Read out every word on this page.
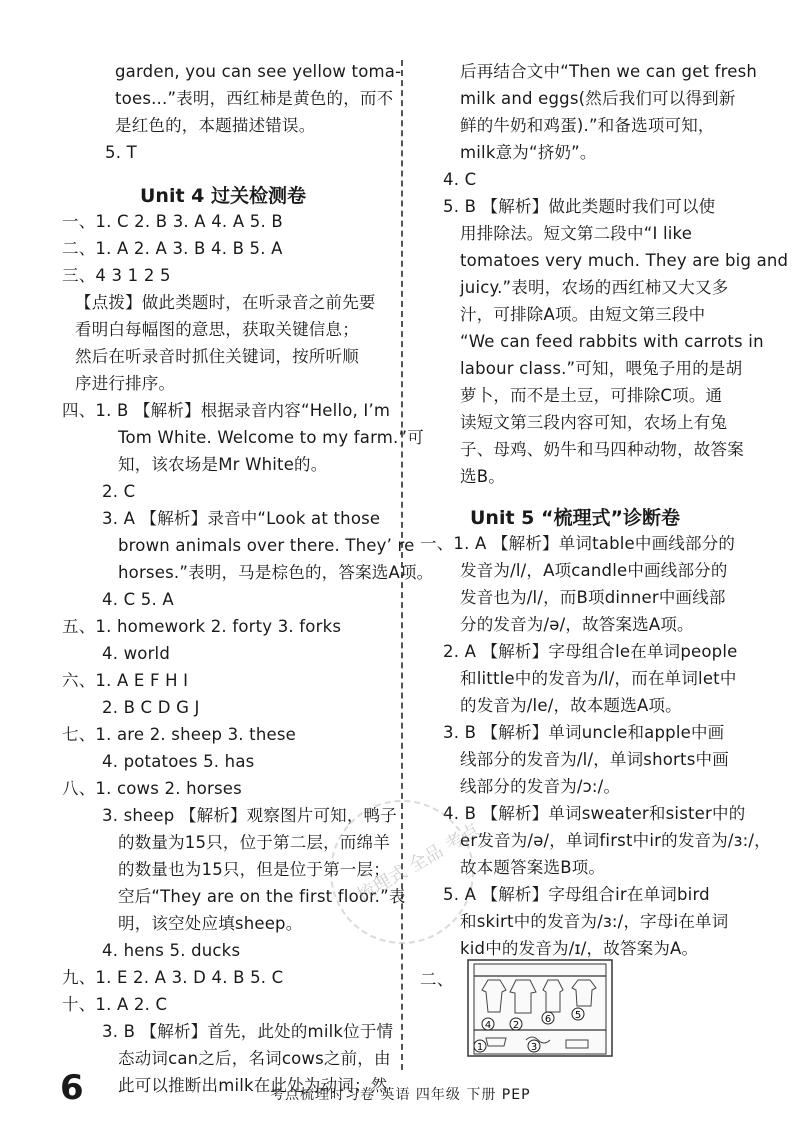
garden, you can see yellow toma-
toes...”表明，西红柿是黄色的，而不
是红色的，本题描述错误。
5. T
Unit 4 过关检测卷
一、1. C 2. B 3. A 4. A 5. B
二、1. A 2. A 3. B 4. B 5. A
三、4 3 1 2 5
【点拨】做此类题时，在听录音之前先要
看明白每幅图的意思，获取关键信息；
然后在听录音时抓住关键词，按所听顺
序进行排序。
四、1. B 【解析】根据录音内容“Hello, I’m
Tom White. Welcome to my farm.”可
知，该农场是Mr White的。
2. C
3. A 【解析】录音中“Look at those
brown animals over there. They’ re
horses.”表明，马是棕色的，答案选A项。
4. C 5. A
五、1. homework 2. forty 3. forks
4. world
六、1. A E F H I
2. B C D G J
七、1. are 2. sheep 3. these
4. potatoes 5. has
八、1. cows 2. horses
3. sheep 【解析】观察图片可知，鸭子
的数量为15只，位于第二层，而绵羊
的数量也为15只，但是位于第一层；
空后“They are on the first floor.”表
明，该空处应填sheep。
4. hens 5. ducks
九、1. E 2. A 3. D 4. B 5. C
十、1. A 2. C
3. B 【解析】首先，此处的milk位于情
态动词can之后，名词cows之前，由
此可以推断出milk在此处为动词；然
后再结合文中“Then we can get fresh
milk and eggs(然后我们可以得到新
鲜的牛奶和鸡蛋).”和备选项可知，
milk意为“挤奶”。
4. C
5. B 【解析】做此类题时我们可以使
用排除法。短文第二段中“I like
tomatoes very much. They are big and
juicy.”表明，农场的西红柿又大又多
汁，可排除A项。由短文第三段中
“We can feed rabbits with carrots in
labour class.”可知，喂兔子用的是胡
萝卜，而不是土豆，可排除C项。通
读短文第三段内容可知，农场上有兔
子、母鸡、奶牛和马四种动物，故答案
选B。
Unit 5 “梳理式”诊断卷
一、1. A 【解析】单词table中画线部分的
发音为/l/，A项candle中画线部分的
发音也为/l/，而B项dinner中画线部
分的发音为/ə/，故答案选A项。
2. A 【解析】字母组合le在单词people
和little中的发音为/l/，而在单词let中
的发音为/le/，故本题选A项。
3. B 【解析】单词uncle和apple中画
线部分的发音为/l/，单词shorts中画
线部分的发音为/ɔ:/。
4. B 【解析】单词sweater和sister中的
er发音为/ə/，单词first中ir的发音为/ɜ:/，
故本题答案选B项。
5. A 【解析】字母组合ir在单词bird
和skirt中的发音为/ɜ:/，字母i在单词
kid中的发音为/ɪ/，故答案为A。
二、
4 2
6 5
1	3
梳理式 全品 考点
6	考点梳理时习卷 英语 四年级 下册 PEP
